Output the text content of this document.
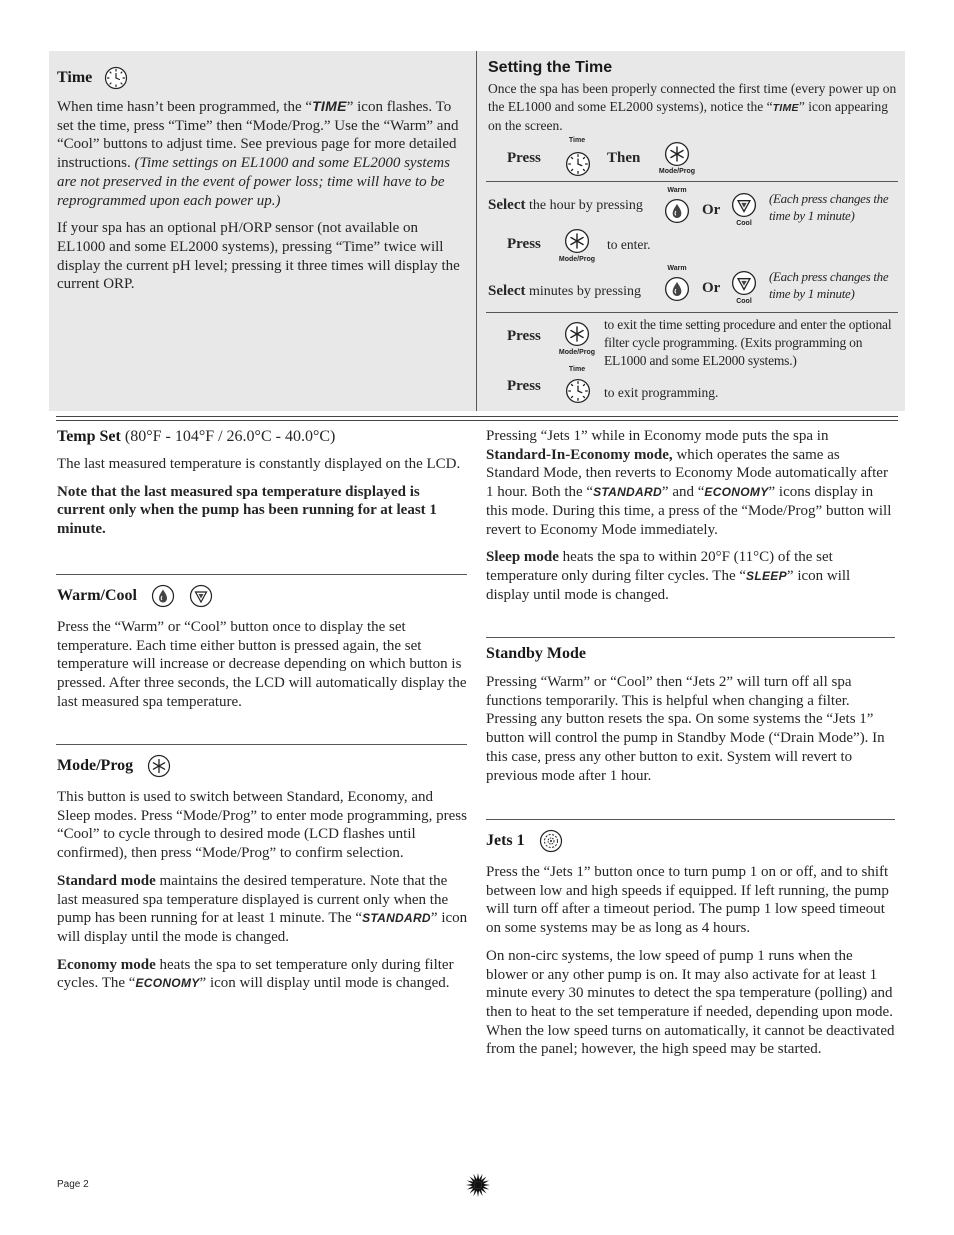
Time

When time hasn’t been programmed, the “TIME” icon flashes. To set the time, press “Time” then “Mode/Prog.” Use the “Warm” and “Cool” buttons to adjust time. See previous page for more detailed instructions. (Time settings on EL1000 and some EL2000 systems are not preserved in the event of power loss; time will have to be reprogrammed upon each power up.)

If your spa has an optional pH/ORP sensor (not available on EL1000 and some EL2000 systems), pressing “Time” twice will display the current pH level; pressing it three times will display the current ORP.

Setting the Time
Once the spa has been properly connected the first time (every power up on the EL1000 and some EL2000 systems), notice the “TIME” icon appearing on the screen.
Press
Time
Then
Mode/Prog
Select the hour by pressing
Warm
Or
Cool
(Each press changes the time by 1 minute)
Press
Mode/Prog
to enter.
Select minutes by pressing
Warm
Or
Cool
(Each press changes the time by 1 minute)
Press
Mode/Prog
to exit the time setting procedure and enter the optional filter cycle programming. (Exits programming on EL1000 and some EL2000 systems.)
Time
Press	to exit programming.
Temp Set (80°F - 104°F / 26.0°C - 40.0°C)

The last measured temperature is constantly displayed on the LCD.

Note that the last measured spa temperature displayed is current only when the pump has been running for at least 1 minute.

Warm/Cool

Press the “Warm” or “Cool” button once to display the set temperature. Each time either button is pressed again, the set temperature will increase or decrease depending on which button is pressed. After three seconds, the LCD will automatically display the last measured spa temperature.

Mode/Prog

This button is used to switch between Standard, Economy, and Sleep modes. Press “Mode/Prog” to enter mode programming, press “Cool” to cycle through to desired mode (LCD flashes until confirmed), then press “Mode/Prog” to confirm selection.

Standard mode maintains the desired temperature. Note that the last measured spa temperature displayed is current only when the pump has been running for at least 1 minute. The “STANDARD” icon will display until the mode is changed.

Economy mode heats the spa to set temperature only during filter cycles. The “ECONOMY” icon will display until mode is changed.

Pressing “Jets 1” while in Economy mode puts the spa in Standard-In-Economy mode, which operates the same as Standard Mode, then reverts to Economy Mode automatically after 1 hour. Both the “STANDARD” and “ECONOMY” icons display in this mode. During this time, a press of the “Mode/Prog” button will revert to Economy Mode immediately.

Sleep mode heats the spa to within 20°F (11°C) of the set temperature only during filter cycles. The “SLEEP” icon will display until mode is changed.

Standby Mode

Pressing “Warm” or “Cool” then “Jets 2” will turn off all spa functions temporarily. This is helpful when changing a filter. Pressing any button resets the spa. On some systems the “Jets 1” button will control the pump in Standby Mode (“Drain Mode”). In this case, press any other button to exit. System will revert to previous mode after 1 hour.

Jets 1

Press the “Jets 1” button once to turn pump 1 on or off, and to shift between low and high speeds if equipped. If left running, the pump will turn off after a timeout period. The pump 1 low speed timeout on some systems may be as long as 4 hours.

On non-circ systems, the low speed of pump 1 runs when the blower or any other pump is on. It may also activate for at least 1 minute every 30 minutes to detect the spa temperature (polling) and then to heat to the set temperature if needed, depending upon mode. When the low speed turns on automatically, it cannot be deactivated from the panel; however, the high speed may be started.

Page 2
